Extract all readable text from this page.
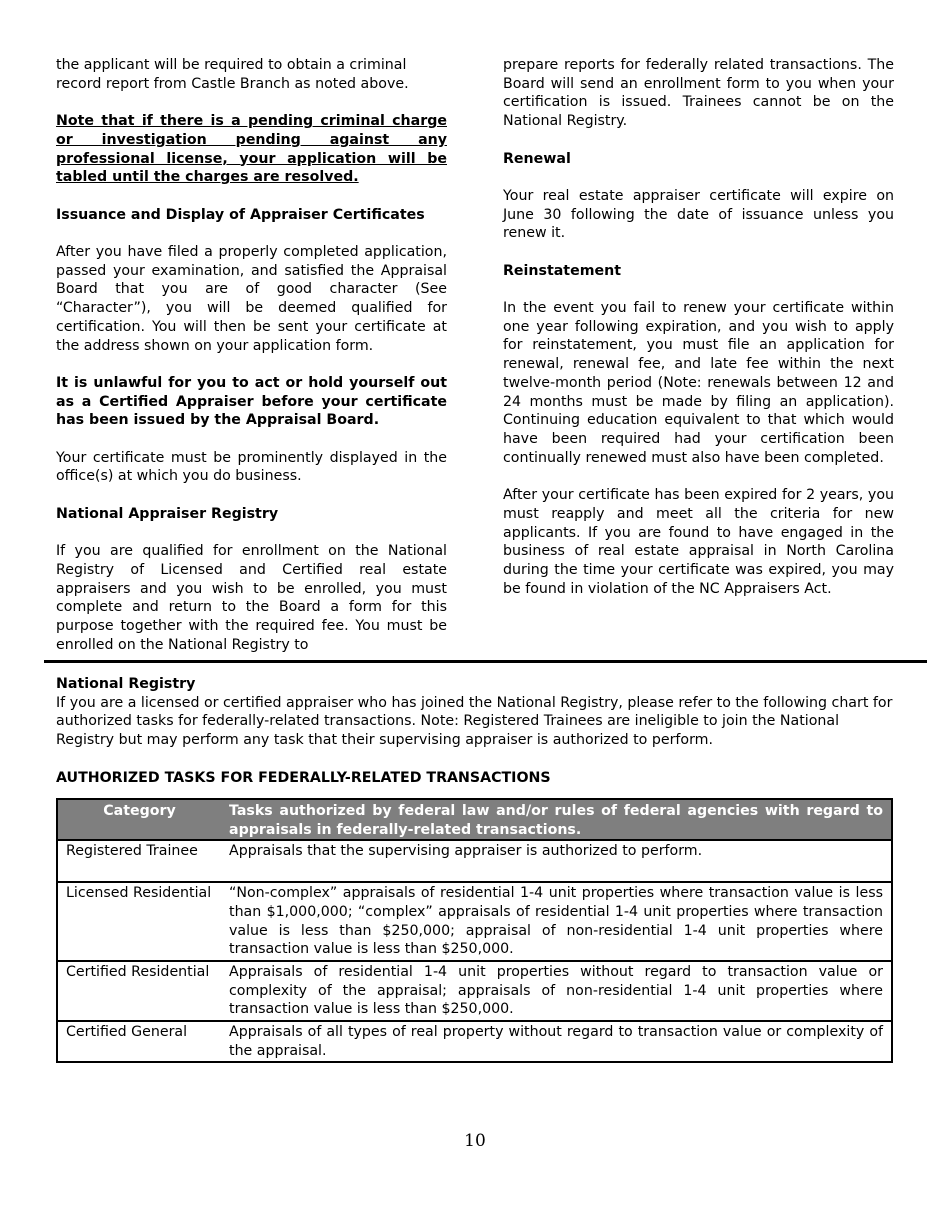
the applicant will be required to obtain a criminal record report from Castle Branch as noted above.

Note that if there is a pending criminal charge or investigation pending against any professional license, your application will be tabled until the charges are resolved.

Issuance and Display of Appraiser Certificates

After you have filed a properly completed application, passed your examination, and satisfied the Appraisal Board that you are of good character (See “Character”), you will be deemed qualified for certification. You will then be sent your certificate at the address shown on your application form.

It is unlawful for you to act or hold yourself out as a Certified Appraiser before your certificate has been issued by the Appraisal Board.

Your certificate must be prominently displayed in the office(s) at which you do business.

National Appraiser Registry

If you are qualified for enrollment on the National Registry of Licensed and Certified real estate appraisers and you wish to be enrolled, you must complete and return to the Board a form for this purpose together with the required fee. You must be enrolled on the National Registry to

prepare reports for federally related transactions. The Board will send an enrollment form to you when your certification is issued. Trainees cannot be on the National Registry.

Renewal

Your real estate appraiser certificate will expire on June 30 following the date of issuance unless you renew it.

Reinstatement

In the event you fail to renew your certificate within one year following expiration, and you wish to apply for reinstatement, you must file an application for renewal, renewal fee, and late fee within the next twelve-month period (Note: renewals between 12 and 24 months must be made by filing an application). Continuing education equivalent to that which would have been required had your certification been continually renewed must also have been completed.

After your certificate has been expired for 2 years, you must reapply and meet all the criteria for new applicants. If you are found to have engaged in the business of real estate appraisal in North Carolina during the time your certificate was expired, you may be found in violation of the NC Appraisers Act.

National Registry

If you are a licensed or certified appraiser who has joined the National Registry, please refer to the following chart for authorized tasks for federally-related transactions. Note: Registered Trainees are ineligible to join the National Registry but may perform any task that their supervising appraiser is authorized to perform.

AUTHORIZED TASKS FOR FEDERALLY-RELATED TRANSACTIONS

Category	Tasks authorized by federal law and/or rules of federal agencies with regard to appraisals in federally-related transactions.
Registered Trainee	Appraisals that the supervising appraiser is authorized to perform.
Licensed Residential	“Non-complex” appraisals of residential 1-4 unit properties where transaction value is less than $1,000,000; “complex” appraisals of residential 1-4 unit properties where transaction value is less than $250,000; appraisal of non-residential 1-4 unit properties where transaction value is less than $250,000.
Certified Residential	Appraisals of residential 1-4 unit properties without regard to transaction value or complexity of the appraisal; appraisals of non-residential 1-4 unit properties where transaction value is less than $250,000.
Certified General	Appraisals of all types of real property without regard to transaction value or complexity of the appraisal.
10
